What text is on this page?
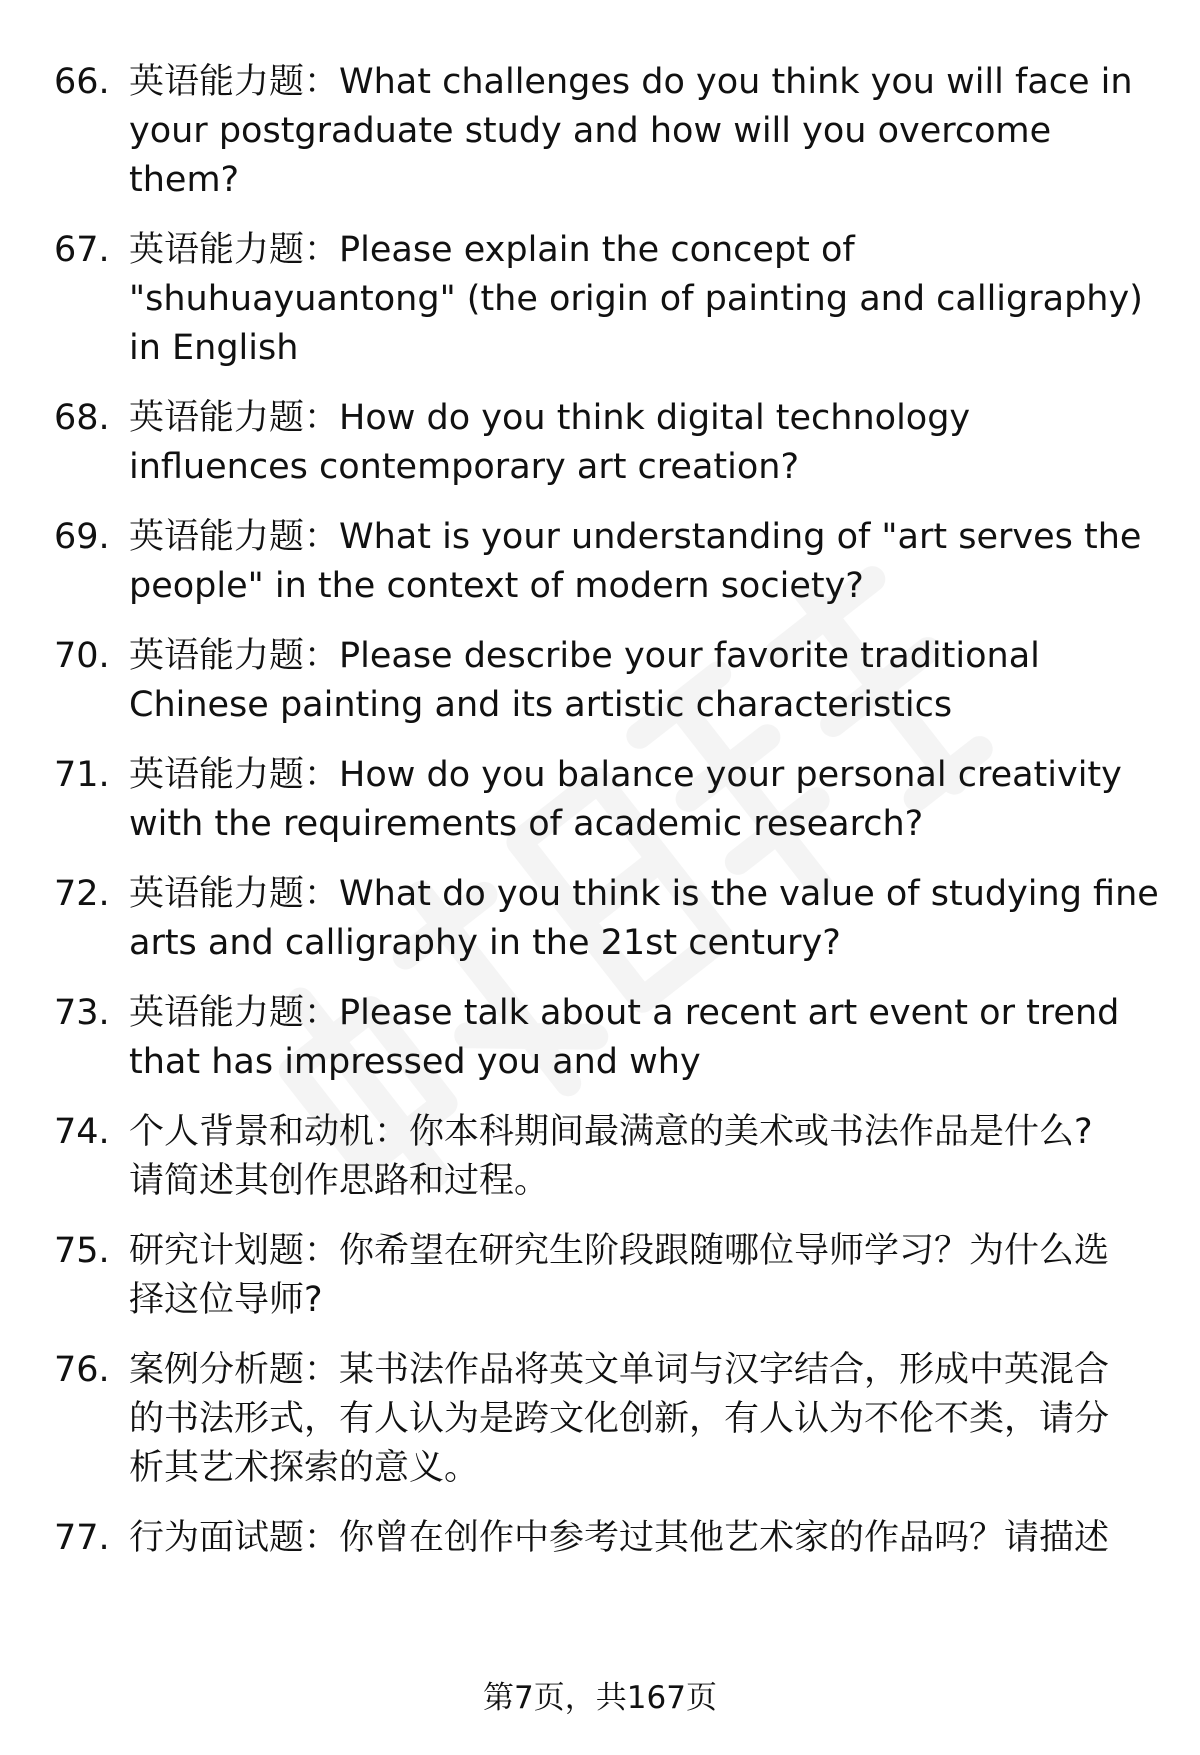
66. 英语能力题：What challenges do you think you will face in
your postgraduate study and how will you overcome them?
67. 英语能力题：Please explain the concept of
"shuhuayuantong" (the origin of painting and calligraphy)
in English
68. 英语能力题：How do you think digital technology
influences contemporary art creation?
69. 英语能力题：What is your understanding of "art serves the
people" in the context of modern society?
70. 英语能力题：Please describe your favorite traditional
Chinese painting and its artistic characteristics
71. 英语能力题：How do you balance your personal creativity
with the requirements of academic research?
72. 英语能力题：What do you think is the value of studying fine
arts and calligraphy in the 21st century?
73. 英语能力题：Please talk about a recent art event or trend
that has impressed you and why
74. 个人背景和动机：你本科期间最满意的美术或书法作品是什么?
请简述其创作思路和过程。
75. 研究计划题：你希望在研究生阶段跟随哪位导师学习？为什么选
择这位导师?
76. 案例分析题：某书法作品将英文单词与汉字结合，形成中英混合
的书法形式，有人认为是跨文化创新，有人认为不伦不类，请分
析其艺术探索的意义。
77. 行为面试题：你曾在创作中参考过其他艺术家的作品吗？请描述
第7页，共167页
